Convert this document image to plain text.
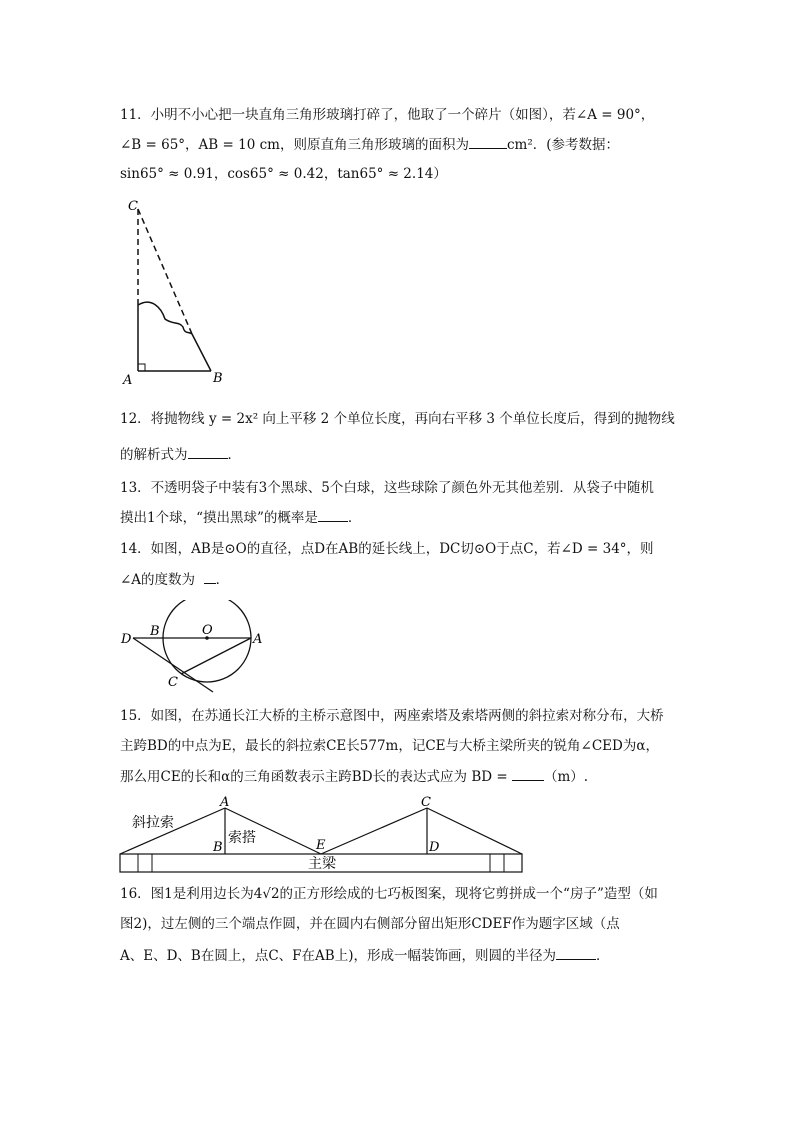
11．小明不小心把一块直角三角形玻璃打碎了，他取了一个碎片（如图），若∠A = 90°，
∠B = 65°，AB = 10 cm，则原直角三角形玻璃的面积为	cm²．(参考数据：
sin65° ≈ 0.91，cos65° ≈ 0.42，tan65° ≈ 2.14）
C
A	B
12．将抛物线 y = 2x² 向上平移 2 个单位长度，再向右平移 3 个单位长度后，得到的抛物线
的解析式为	．
13．不透明袋子中装有3个黑球、5个白球，这些球除了颜色外无其他差别．从袋子中随机
摸出1个球，“摸出黑球”的概率是 ．
14．如图，AB是⊙O的直径，点D在AB的延长线上，DC切⊙O于点C，若∠D = 34°，则
∠A的度数为 ．
D
B	O
A
C
15．如图，在苏通长江大桥的主桥示意图中，两座索塔及索塔两侧的斜拉索对称分布，大桥
主跨BD的中点为E，最长的斜拉索CE长577m，记CE与大桥主梁所夹的锐角∠CED为α，
那么用CE的长和α的三角函数表示主跨BD长的表达式应为 BD =	（m）.
A
B
C
D
E
斜拉索
索搭
主梁
16．图1是利用边长为4√2的正方形绘成的七巧板图案，现将它剪拼成一个“房子”造型（如
图2)，过左侧的三个端点作圆，并在圆内右侧部分留出矩形CDEF作为题字区域（点
A、E、D、B在圆上，点C、F在AB上)，形成一幅装饰画，则圆的半径为	．
